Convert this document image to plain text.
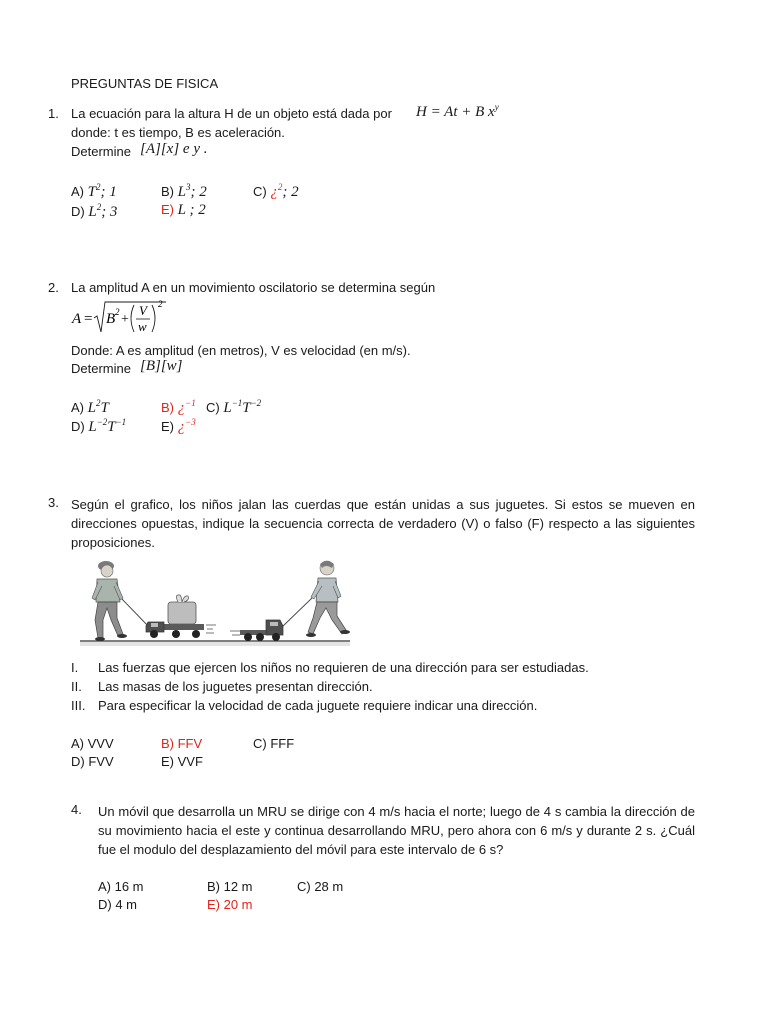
PREGUNTAS DE FISICA
1. La ecuación para la altura H de un objeto está dada por H = At + B $x^y$
donde: t es tiempo, B es aceleración.
Determine [A][x] e y .
A) $T^2$; 1	B) $L^3$; 2	C) ¿$^2$; 2
D) $L^2$; 3	E) L ; 2
2. La amplitud A en un movimiento oscilatorio se determina según
A = B 2 +
V
w
2
Donde: A es amplitud (en metros), V es velocidad (en m/s).
Determine [B][w]
A) $L^2T$	B) ¿$^{-1}$ C) $L^{-1}T^{-2}$
D) $L^{-2}T^{-1}$	E) ¿$^{-3}$
3. Según el grafico, los niños jalan las cuerdas que están unidas a sus juguetes. Si estos se mueven en direcciones opuestas, indique la secuencia correcta de verdadero (V) o falso (F) respecto a las siguientes proposiciones.
I. Las fuerzas que ejercen los niños no requieren de una dirección para ser estudiadas.
II. Las masas de los juguetes presentan dirección.
III. Para especificar la velocidad de cada juguete requiere indicar una dirección.
A) VVV	B) FFV	C) FFF
D) FVV	E) VVF
4. Un móvil que desarrolla un MRU se dirige con 4 m/s hacia el norte; luego de 4 s cambia la dirección de su movimiento hacia el este y continua desarrollando MRU, pero ahora con 6 m/s y durante 2 s. ¿Cuál fue el modulo del desplazamiento del móvil para este intervalo de 6 s?
A) 16 m	B) 12 m	C) 28 m
D) 4 m	E) 20 m
